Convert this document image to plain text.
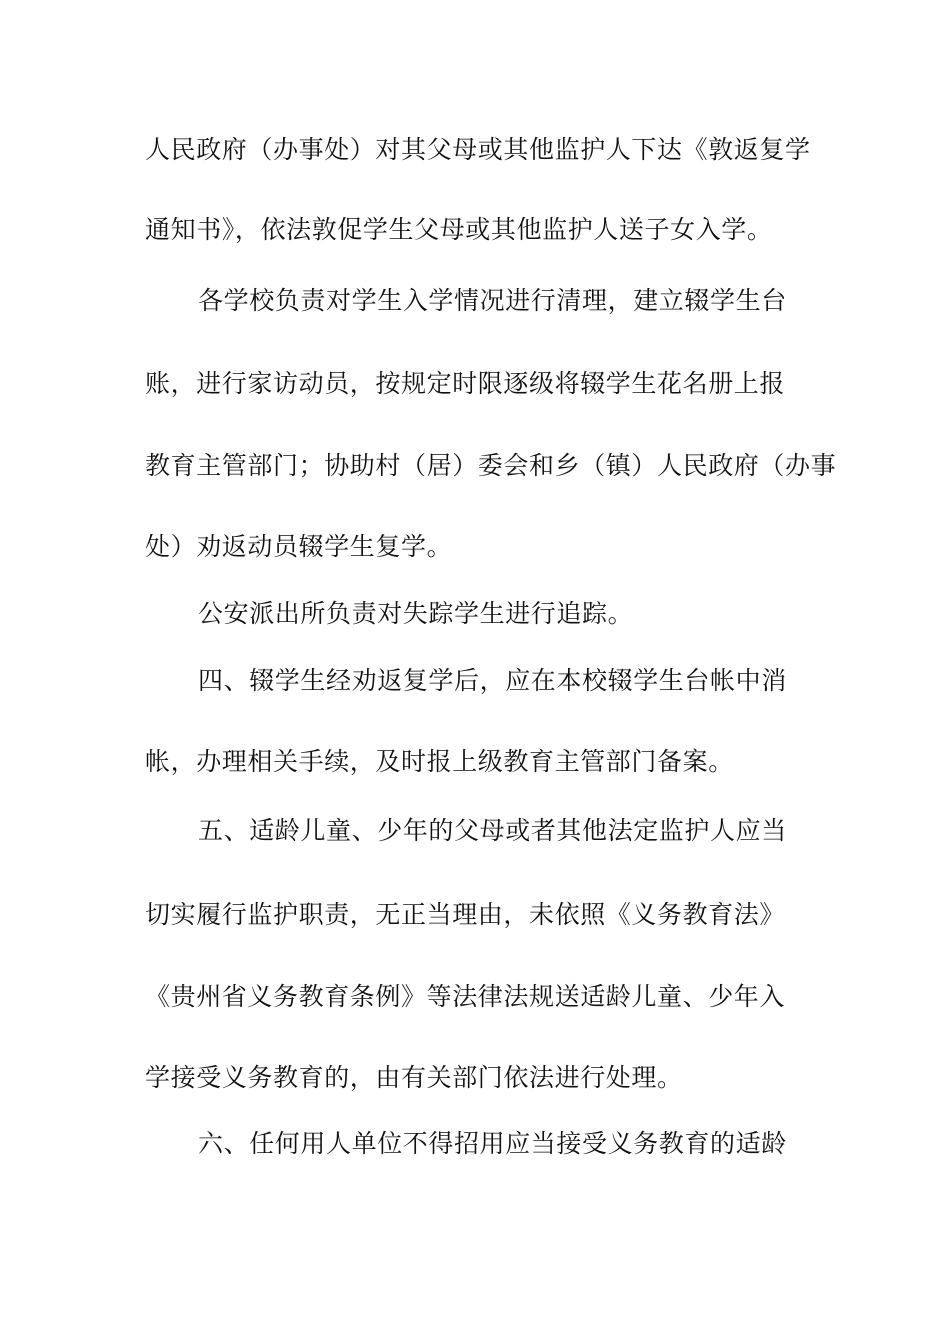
人民政府（办事处）对其父母或其他监护人下达《敦返复学
通知书》，依法敦促学生父母或其他监护人送子女入学。
各学校负责对学生入学情况进行清理，建立辍学生台
账，进行家访动员，按规定时限逐级将辍学生花名册上报
教育主管部门；协助村（居）委会和乡（镇）人民政府（办事
处）劝返动员辍学生复学。
公安派出所负责对失踪学生进行追踪。
四、辍学生经劝返复学后，应在本校辍学生台帐中消
帐，办理相关手续，及时报上级教育主管部门备案。
五、适龄儿童、少年的父母或者其他法定监护人应当
切实履行监护职责，无正当理由，未依照《义务教育法》
《贵州省义务教育条例》等法律法规送适龄儿童、少年入
学接受义务教育的，由有关部门依法进行处理。
六、任何用人单位不得招用应当接受义务教育的适龄
